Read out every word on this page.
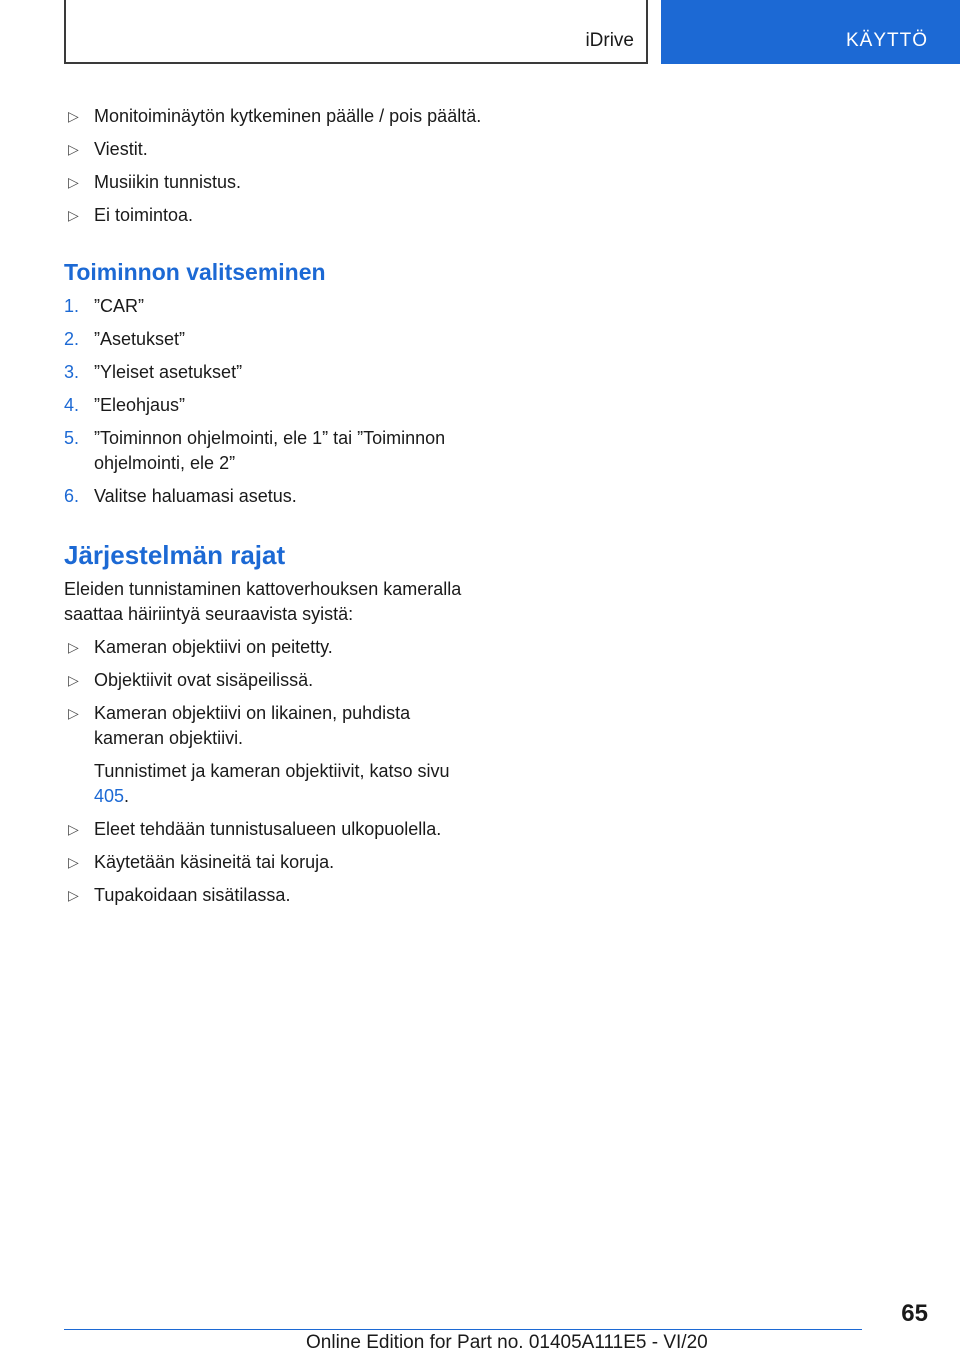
iDrive	KÄYTTÖ
▷ Monitoiminäytön kytkeminen päälle / pois päältä.
▷ Viestit.
▷ Musiikin tunnistus.
▷ Ei toimintoa.
Toiminnon valitseminen
1. ”CAR”
2. ”Asetukset”
3. ”Yleiset asetukset”
4. ”Eleohjaus”
5. ”Toiminnon ohjelmointi, ele 1” tai ”Toiminnon ohjelmointi, ele 2”
6. Valitse haluamasi asetus.
Järjestelmän rajat
Eleiden tunnistaminen kattoverhouksen kameralla saattaa häiriintyä seuraavista syistä:
▷ Kameran objektiivi on peitetty.
▷ Objektiivit ovat sisäpeilissä.
▷ Kameran objektiivi on likainen, puhdista kameran objektiivi.
Tunnistimet ja kameran objektiivit, katso sivu 405.
▷ Eleet tehdään tunnistusalueen ulkopuolella.
▷ Käytetään käsineitä tai koruja.
▷ Tupakoidaan sisätilassa.
65
Online Edition for Part no. 01405A111E5 - VI/20
